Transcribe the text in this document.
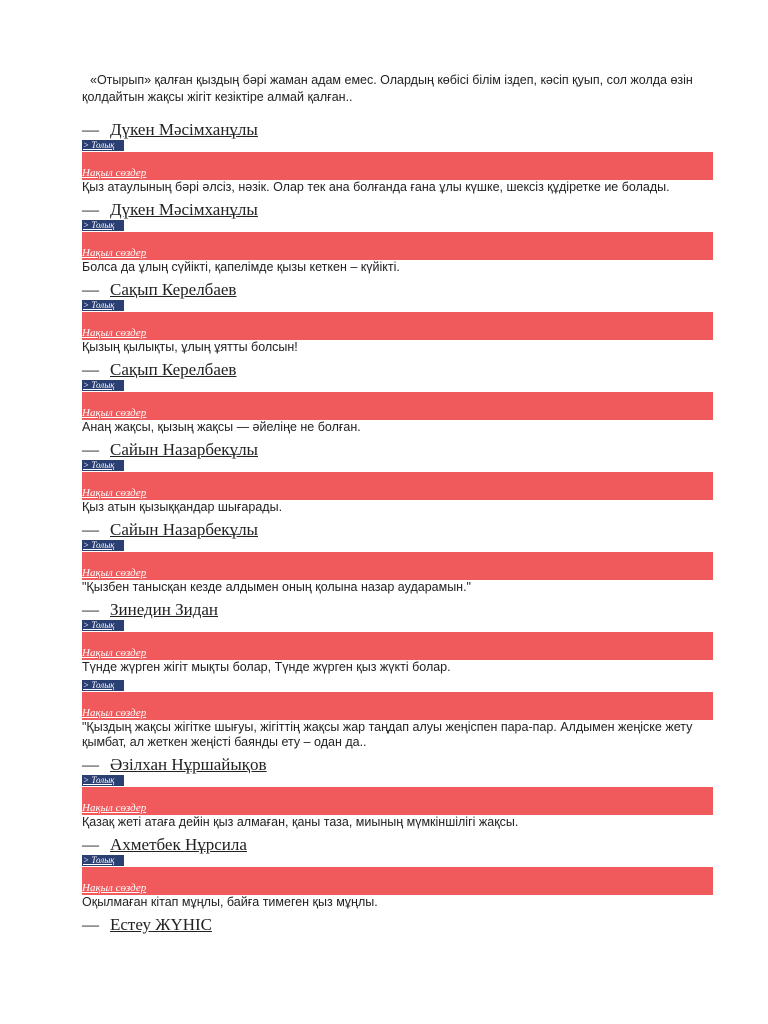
«Отырып» қалған қыздың бәрі жаман адам емес. Олардың көбісі білім іздеп, кәсіп қуып, сол жолда өзін қолдайтын жақсы жігіт кезіктіре алмай қалған..
— Дүкен Мәсімханұлы
> Толық
Нақыл сөздер
Қыз атаулының бәрі әлсіз, нәзік. Олар тек ана болғанда ғана ұлы күшке, шексіз құдіретке ие болады.
— Дүкен Мәсімханұлы
> Толық
Нақыл сөздер
Болса да ұлың сүйікті, қапелімде қызы кеткен – күйікті.
— Сақып Керелбаев
> Толық
Нақыл сөздер
Қызың қылықты, ұлың ұятты болсын!
— Сақып Керелбаев
> Толық
Нақыл сөздер
Анаң жақсы, қызың жақсы — әйеліңе не болған.
— Сайын Назарбекұлы
> Толық
Нақыл сөздер
Қыз атын қызыққандар шығарады.
— Сайын Назарбекұлы
> Толық
Нақыл сөздер
"Қызбен танысқан кезде алдымен оның қолына назар аударамын."
— Зинедин Зидан
> Толық
Нақыл сөздер
Түнде жүрген жігіт мықты болар, Түнде жүрген қыз жүкті болар.
> Толық
Нақыл сөздер
"Қыздың жақсы жігітке шығуы, жігіттің жақсы жар таңдап алуы жеңіспен пара-пар. Алдымен жеңіске жету қымбат, ал жеткен жеңісті баянды ету – одан да..
— Әзілхан Нұршайықов
> Толық
Нақыл сөздер
Қазақ жеті атаға дейін қыз алмаған, қаны таза, миының мүмкіншілігі жақсы.
— Ахметбек Нұрсила
> Толық
Нақыл сөздер
Оқылмаған кітап мұңлы, байға тимеген қыз мұңлы.
— Естеу ЖҮНІС
